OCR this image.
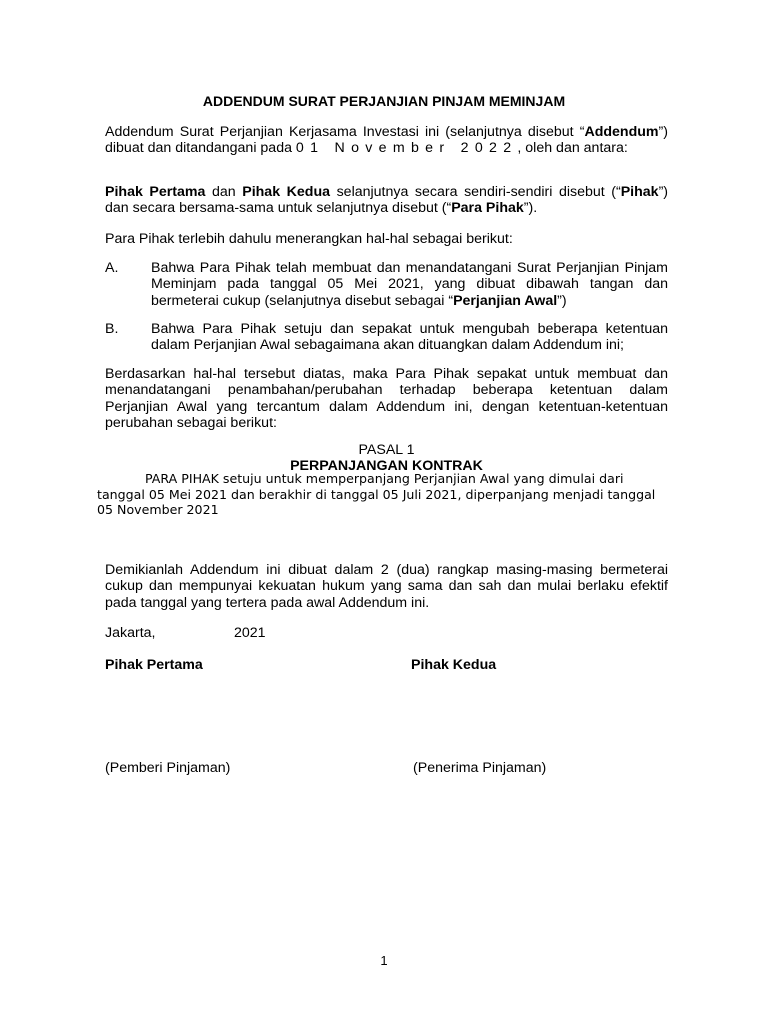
ADDENDUM SURAT PERJANJIAN PINJAM MEMINJAM

Addendum Surat Perjanjian Kerjasama Investasi ini (selanjutnya disebut “Addendum”) dibuat dan ditandangani pada 01 November 2022, oleh dan antara:

Pihak Pertama dan Pihak Kedua selanjutnya secara sendiri-sendiri disebut (“Pihak”) dan secara bersama-sama untuk selanjutnya disebut (“Para Pihak”).

Para Pihak terlebih dahulu menerangkan hal-hal sebagai berikut:

A. Bahwa Para Pihak telah membuat dan menandatangani Surat Perjanjian Pinjam Meminjam pada tanggal 05 Mei 2021, yang dibuat dibawah tangan dan bermeterai cukup (selanjutnya disebut sebagai “Perjanjian Awal”)

B. Bahwa Para Pihak setuju dan sepakat untuk mengubah beberapa ketentuan dalam Perjanjian Awal sebagaimana akan dituangkan dalam Addendum ini;

Berdasarkan hal-hal tersebut diatas, maka Para Pihak sepakat untuk membuat dan menandatangani penambahan/perubahan terhadap beberapa ketentuan dalam Perjanjian Awal yang tercantum dalam Addendum ini, dengan ketentuan-ketentuan perubahan sebagai berikut:

PASAL 1
PERPANJANGAN KONTRAK

PARA PIHAK setuju untuk memperpanjang Perjanjian Awal yang dimulai dari tanggal 05 Mei 2021 dan berakhir di tanggal 05 Juli 2021, diperpanjang menjadi tanggal 05 November 2021

Demikianlah Addendum ini dibuat dalam 2 (dua) rangkap masing-masing bermeterai cukup dan mempunyai kekuatan hukum yang sama dan sah dan mulai berlaku efektif pada tanggal yang tertera pada awal Addendum ini.

Jakarta,	2021
Pihak Pertama	Pihak Kedua
(Pemberi Pinjaman)	(Penerima Pinjaman)
1
